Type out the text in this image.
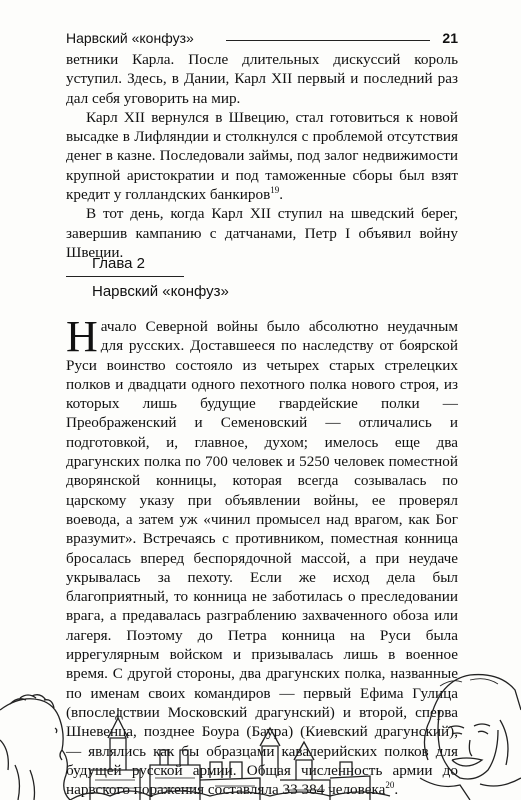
Нарвский «конфуз»	21

ветники Карла. После длительных дискуссий король уступил. Здесь, в Дании, Карл XII первый и последний раз дал себя уговорить на мир.

Карл XII вернулся в Швецию, стал готовиться к новой высадке в Лифляндии и столкнулся с проблемой отсутствия денег в казне. Последовали займы, под залог недвижимости крупной аристократии и под таможенные сборы был взят кредит у голландских банкиров$^{19}$.

В тот день, когда Карл XII ступил на шведский берег, завершив кампанию с датчанами, Петр I объявил войну Швеции.

Глава 2
Нарвский «конфуз»

Начало Северной войны было абсолютно неудачным для русских. Доставшееся по наследству от боярской Руси воинство состояло из четырех старых стрелецких полков и двадцати одного пехотного полка нового строя, из которых лишь будущие гвардейские полки — Преображенский и Семеновский — отличались и подготовкой, и, главное, духом; имелось еще два драгунских полка по 700 человек и 5250 человек поместной дворянской конницы, которая всегда созывалась по царскому указу при объявлении войны, ее проверял воевода, а затем уж «чинил промысел над врагом, как Бог вразумит». Встречаясь с противником, поместная конница бросалась вперед беспорядочной массой, а при неудаче укрывалась за пехоту. Если же исход дела был благоприятный, то конница не заботилась о преследовании врага, а предавалась разграблению захваченного обоза или лагеря. Поэтому до Петра конница на Руси была иррегулярным войском и призывалась лишь в военное время. С другой стороны, два драгунских полка, названные по именам своих командиров — первый Ефима Гулица (впоследствии Московский драгунский) и второй, сперва Шневенца, позднее Боура (Баура) (Киевский драгунский), — являлись как бы образцами кавалерийских полков для будущей русской армии. Общая численность армии до нарвского поражения составляла 33 384 человека$^{20}$.
